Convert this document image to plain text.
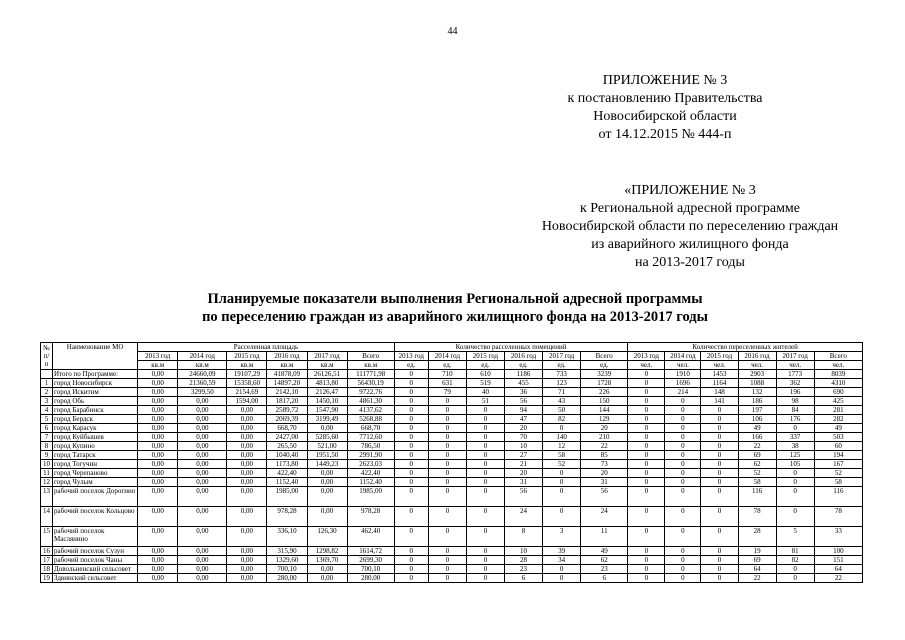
44
ПРИЛОЖЕНИЕ № 3
к постановлению Правительства
Новосибирской области
от 14.12.2015 № 444-п
«ПРИЛОЖЕНИЕ № 3
к Региональной адресной программе
Новосибирской области по переселению граждан
из аварийного жилищного фонда
на 2013-2017 годы
Планируемые показатели выполнения Региональной адресной программы
по переселению граждан из аварийного жилищного фонда на 2013-2017 годы
№ п/п	Наименование МО	Расселенная площадь						Количество расселенных помещений						Количество переселенных жителей					
		2013 год	2014 год	2015 год	2016 год	2017 год	Всего	2013 год	2014 год	2015 год	2016 год	2017 год	Всего	2013 год	2014 год	2015 год	2016 год	2017 год	Всего
		кв.м	кв.м	кв.м	кв.м	кв.м	кв.м	ед.	ед.	ед.	ед.	ед.	ед.	чел.	чел.	чел.	чел.	чел.	чел.
	Итого по Программе:	0,00	24660,09	19107,29	41878,09	26126,51	111771,98	0	710	610	1186	733	3239	0	1910	1453	2903	1773	8039
1	город Новосибирск	0,00	21360,59	15358,60	14897,20	4813,80	56430,19	0	631	519	455	123	1728	0	1696	1164	1088	362	4310
2	город Искитим	0,00	3299,50	2154,69	2142,10	2126,47	9722,76	0	79	40	36	71	226	0	214	148	132	196	690
3	город Обь	0,00	0,00	1594,00	1817,20	1450,10	4861,30	0	0	51	56	43	150	0	0	141	186	98	425
4	город Барабинск	0,00	0,00	0,00	2589,72	1547,90	4137,62	0	0	0	94	50	144	0	0	0	197	84	281
5	город Бердск	0,00	0,00	0,00	2069,39	3199,49	5268,88	0	0	0	47	82	129	0	0	0	106	176	282
6	город Карасук	0,00	0,00	0,00	668,70	0,00	668,70	0	0	0	20	0	20	0	0	0	49	0	49
7	город Куйбышев	0,00	0,00	0,00	2427,00	5285,60	7712,60	0	0	0	70	140	210	0	0	0	166	337	503
8	город Купино	0,00	0,00	0,00	265,50	521,00	786,50	0	0	0	10	12	22	0	0	0	22	38	60
9	город Татарск	0,00	0,00	0,00	1040,40	1951,50	2991,90	0	0	0	27	58	85	0	0	0	69	125	194
10	город Тогучин	0,00	0,00	0,00	1173,80	1449,23	2623,03	0	0	0	21	52	73	0	0	0	62	105	167
11	город Черепаново	0,00	0,00	0,00	422,40	0,00	422,40	0	0	0	20	0	20	0	0	0	52	0	52
12	город Чулым	0,00	0,00	0,00	1152,40	0,00	1152,40	0	0	0	31	0	31	0	0	0	58	0	58
13	рабочий поселок Дорогино	0,00	0,00	0,00	1985,00	0,00	1985,00	0	0	0	56	0	56	0	0	0	116	0	116
14	рабочий поселок Кольцово	0,00	0,00	0,00	978,28	0,00	978,28	0	0	0	24	0	24	0	0	0	78	0	78
15	рабочий поселок Маслянино	0,00	0,00	0,00	336,10	126,30	462,40	0	0	0	8	3	11	0	0	0	28	5	33
16	рабочий поселок Сузун	0,00	0,00	0,00	315,90	1298,82	1614,72	0	0	0	10	39	49	0	0	0	19	81	100
17	рабочий поселок Чаны	0,00	0,00	0,00	1329,60	1369,70	2699,30	0	0	0	28	34	62	0	0	0	69	82	151
18	Довольненский сельсовет	0,00	0,00	0,00	700,10	0,00	700,10	0	0	0	23	0	23	0	0	0	64	0	64
19	Здвинский сельсовет	0,00	0,00	0,00	280,00	0,00	280,00	0	0	0	6	0	6	0	0	0	22	0	22
